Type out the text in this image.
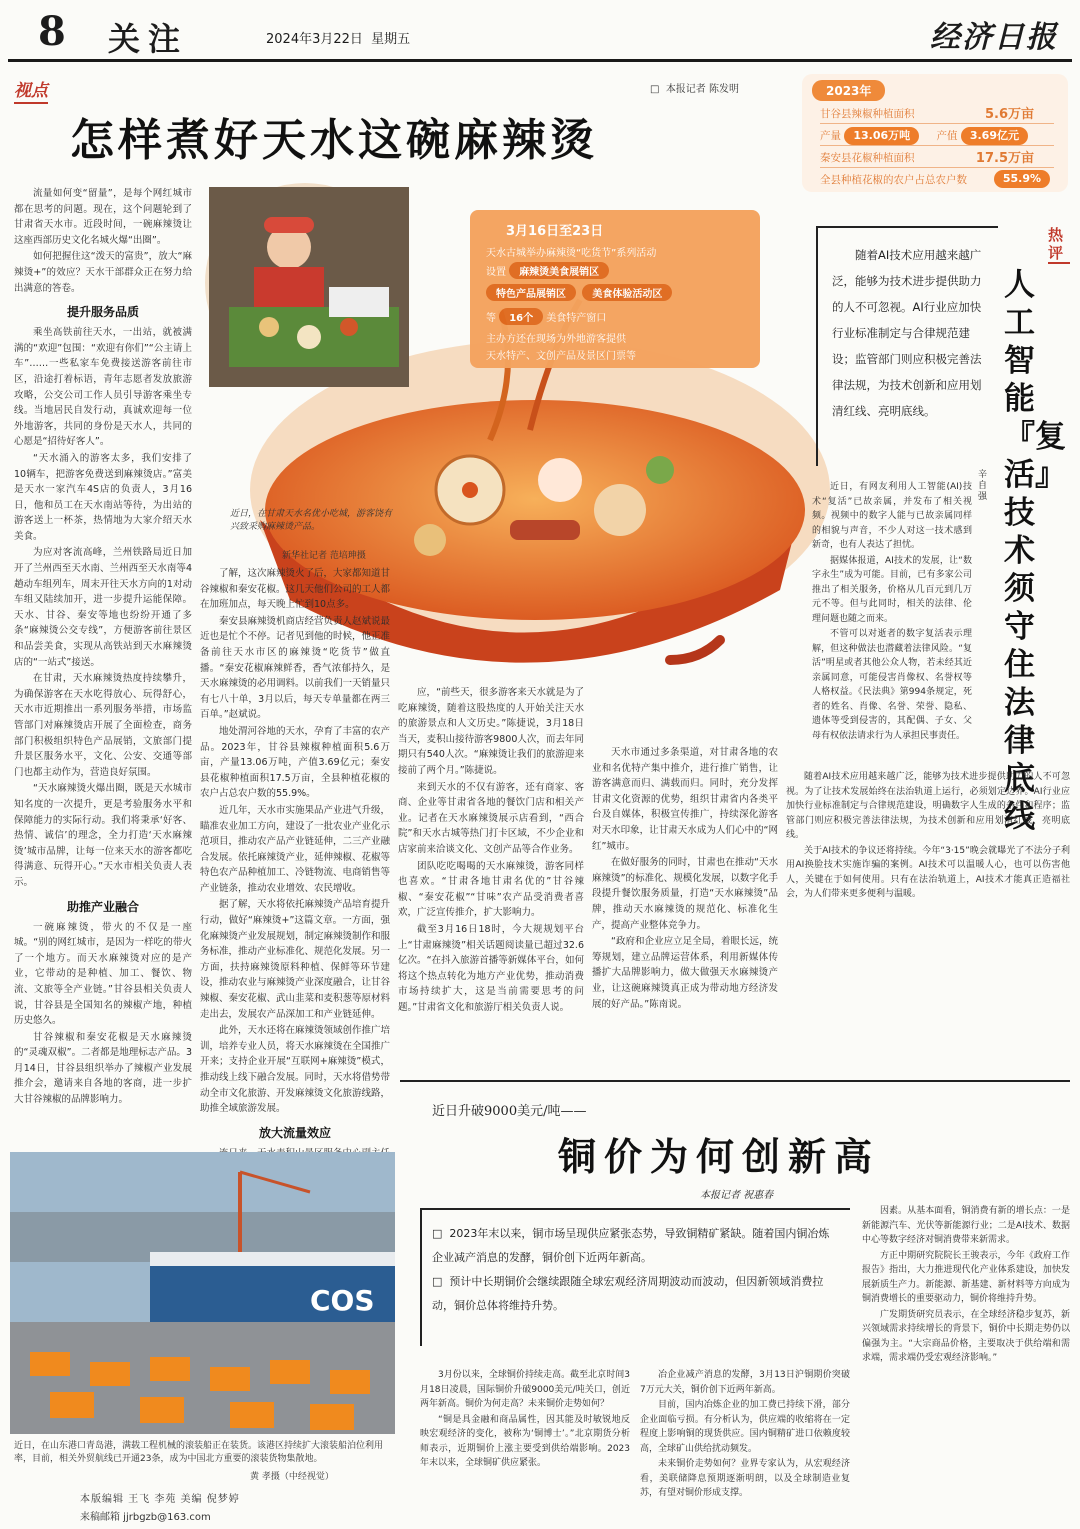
8 关注	2024年3月22日 星期五	经济日报
视点	□  本报记者 陈发明
怎样煮好天水这碗麻辣烫
2023年
甘谷县辣椒种植面积	5.6万亩
产量 13.06万吨	产值 3.69亿元
秦安县花椒种植面积	17.5万亩
全县种植花椒的农户占总农户数	55.9%
3月16日至23日
天水古城举办麻辣烫“吃货节”系列活动
设置 麻辣烫美食展销区
特色产品展销区	美食体验活动区
等 16个 美食特产窗口
主办方还在现场为外地游客提供
天水特产、文创产品及景区门票等
近日，在甘肃天水名优小吃城，游客饶有兴致采购麻辣烫产品。
新华社记者 范培珅摄

流量如何变“留量”，是每个网红城市都在思考的问题。现在，这个问题轮到了甘肃省天水市。近段时间，一碗麻辣烫让这座西部历史文化名城火爆“出圈”。

如何把握住这“泼天的富贵”，放大“麻辣烫+”的效应？天水干部群众正在努力给出满意的答卷。

提升服务品质

乘坐高铁前往天水，一出站，就被满满的“欢迎”包围：“欢迎有你们”“公主请上车”……一些私家车免费接送游客前往市区，沿途打着标语，青年志愿者发放旅游攻略，公交公司工作人员引导游客乘坐专线。当地居民自发行动，真诚欢迎每一位外地游客，共同的身份是天水人，共同的心愿是“招待好客人”。

“天水涌入的游客太多，我们安排了10辆车，把游客免费送到麻辣烫店。”富美是天水一家汽车4S店的负责人，3月16日，他和员工在天水南站等待，为出站的游客送上一杯茶，热情地为大家介绍天水美食。

为应对客流高峰，兰州铁路局近日加开了兰州西至天水南、兰州西至天水南等4趟动车组列车，周末开往天水方向的1对动车组又陆续加开，进一步提升运能保障。天水、甘谷、秦安等地也纷纷开通了多条“麻辣烫公交专线”，方便游客前往景区和品尝美食，实现从高铁站到天水麻辣烫店的“一站式”接送。

在甘肃，天水麻辣烫热度持续攀升，为确保游客在天水吃得放心、玩得舒心，天水市近期推出一系列服务举措，市场监管部门对麻辣烫店开展了全面检查，商务部门积极组织特色产品展销，文旅部门提升景区服务水平，文化、公安、交通等部门也都主动作为，营造良好氛围。

“天水麻辣烫火爆出圈，既是天水城市知名度的一次提升，更是考验服务水平和保障能力的实际行动。我们将秉承‘好客、热情、诚信’的理念，全力打造‘天水麻辣烫’城市品牌，让每一位来天水的游客都吃得满意、玩得开心。”天水市相关负责人表示。

助推产业融合

一碗麻辣烫，带火的不仅是一座城。“别的网红城市，是因为一样吃的带火了一个地方。而天水麻辣烫对应的是产业，它带动的是种植、加工、餐饮、物流、文旅等全产业链。”甘谷县相关负责人说，甘谷县是全国知名的辣椒产地，种植历史悠久。

甘谷辣椒和秦安花椒是天水麻辣烫的“灵魂双椒”。二者都是地理标志产品。3月14日，甘谷县组织举办了辣椒产业发展推介会，邀请来自各地的客商，进一步扩大甘谷辣椒的品牌影响力。

了解，这次麻辣烫火了后，大家都知道甘谷辣椒和秦安花椒。这几天他们公司的工人都在加班加点，每天晚上忙到10点多。

秦安县麻辣烫机商店经营负责人赵斌说最近也是忙个不停。记者见到他的时候，他正准备前往天水市区的麻辣烫“吃货节”做直播。“秦安花椒麻辣鲜香，香气浓郁持久，是天水麻辣烫的必用调料。以前我们一天销量只有七八十单，3月以后，每天专单量都在两三百单。”赵斌说。

地处渭河谷地的天水，孕育了丰富的农产品。2023年，甘谷县辣椒种植面积5.6万亩，产量13.06万吨，产值3.69亿元；秦安县花椒种植面积17.5万亩，全县种植花椒的农户占总农户数的55.9%。

近几年，天水市实施果品产业进气升级，瞄准农业加工方向，建设了一批农业产业化示范项目，推动农产品产业链延伸，二三产业融合发展。依托麻辣烫产业，延伸辣椒、花椒等特色农产品种植加工、冷链物流、电商销售等产业链条，推动农业增效、农民增收。

据了解，天水将依托麻辣烫产品培育提升行动，做好“麻辣烫+”这篇文章。一方面，强化麻辣烫产业发展规划，制定麻辣烫制作和服务标准，推动产业标准化、规范化发展。另一方面，扶持麻辣烫原料种植、保鲜等环节建设，推动农业与麻辣烫产业深度融合，让甘谷辣椒、秦安花椒、武山韭菜和麦积葱等原材料走出去，发展农产品深加工和产业链延伸。

此外，天水还将在麻辣烫领域创作推广培训，培养专业人员，将天水麻辣烫在全国推广开来；支持企业开展“互联网+麻辣烫”模式，推动线上线下融合发展。同时，天水将借势带动全市文化旅游、开发麻辣烫文化旅游线路，助推全域旅游发展。

放大流量效应

应，“前些天，很多游客来天水就是为了吃麻辣烫，随着这股热度的人开始关注天水的旅游景点和人文历史。”陈捷说，3月18日当天，麦积山接待游客9800人次，而去年同期只有540人次。“麻辣烫让我们的旅游迎来接前了两个月。”陈捷说。

来到天水的不仅有游客，还有商家、客商、企业等甘肃省各地的餐饮门店和相关产业。记者在天水麻辣烫展示店看到，“西合院”和天水古城等热门打卡区域，不少企业和店家前来洽谈文化、文创产品等合作业务。

团队吃吃喝喝的天水麻辣烫，游客同样也喜欢。“甘肃各地甘肃名优的”甘谷辣椒、“秦安花椒”“甘味”农产品受消费者喜欢，广泛宣传推介，扩大影响力。

截至3月16日18时，今大规规划平台上“甘肃麻辣烫”相关话题阅读量已超过32.6亿次。“在抖入旅游首播等新媒体平台，如何将这个热点转化为地方产业优势，推动消费市场持续扩大，这是当前需要思考的问题。”甘肃省文化和旅游厅相关负责人说。

天水市通过多条渠道，对甘肃各地的农业和名优特产集中推介，进行推广销售，让游客满意而归、满载而归。同时，充分发挥甘肃文化资源的优势，组织甘肃省内各类平台及自媒体，积极宣传推广，持续深化游客对天水印象，让甘肃天水成为人们心中的“网红”城市。

在做好服务的同时，甘肃也在推动“天水麻辣烫”的标准化、规模化发展，以数字化手段提升餐饮服务质量，打造“天水麻辣烫”品牌，推动天水麻辣烫的规范化、标准化生产，提高产业整体竞争力。

“政府和企业应立足全局，着眼长远，统筹规划，建立品牌运营体系，利用新媒体传播扩大品牌影响力，做大做强天水麻辣烫产业，让这碗麻辣烫真正成为带动地方经济发展的好产品。”陈南说。

随着AI技术应用越来越广泛，能够为技术进步提供助力的人不可忽视。AI行业应加快行业标准制定与合律规范建设；监管部门则应积极完善法律法规，为技术创新和应用划清红线、亮明底线。
热评
人工智能『复活』技术须守住法律底线
辛自强

近日，有网友利用人工智能(AI)技术“复活”已故亲属，并发布了相关视频。视频中的数字人能与已故亲属同样的相貌与声音，不少人对这一技术感到新奇，也有人表达了担忧。

据媒体报道，AI技术的发展，让“数字永生”成为可能。目前，已有多家公司推出了相关服务，价格从几百元到几万元不等。但与此同时，相关的法律、伦理问题也随之而来。

不管可以对逝者的数字复活表示理解，但这种做法也潜藏着法律风险。“复活”明星或者其他公众人物，若未经其近亲属同意，可能侵害肖像权、名誉权等人格权益。《民法典》第994条规定，死者的姓名、肖像、名誉、荣誉、隐私、遗体等受到侵害的，其配偶、子女、父母有权依法请求行为人承担民事责任。

随着AI技术应用越来越广泛，能够为技术进步提供助力的人不可忽视。为了让技术发展始终在法治轨道上运行，必须划定边界。AI行业应加快行业标准制定与合律规范建设，明确数字人生成的条件和程序；监管部门则应积极完善法律法规，为技术创新和应用划清红线、亮明底线。

关于AI技术的争议还将持续。今年“3·15”晚会就曝光了不法分子利用AI换脸技术实施诈骗的案例。AI技术可以温暖人心，也可以伤害他人，关键在于如何使用。只有在法治轨道上，AI技术才能真正造福社会，为人们带来更多便利与温暖。

COS
近日，在山东港口青岛港，满载工程机械的滚装船正在装货。该港区持续扩大滚装船泊位利用率，目前，相关外贸航线已开通23条，成为中国北方重要的滚装货物集散地。
黄 孝摄（中经视觉）
近日升破9000美元/吨——
铜价为何创新高
本报记者 祝惠春
□  2023年末以来，铜市场呈现供应紧张态势，导致铜精矿紧缺。随着国内铜冶炼企业减产消息的发酵，铜价创下近两年新高。
□  预计中长期铜价会继续跟随全球宏观经济周期波动而波动，但因新领域消费拉动，铜价总体将维持升势。

3月份以来，全球铜价持续走高。截至北京时间3月18日凌晨，国际铜价升破9000美元/吨关口，创近两年新高。铜价为何走高？未来铜价走势如何？

“铜是具金融和商品属性，因其能及时敏锐地反映宏观经济的变化，被称为‘铜博士’。”北京期货分析师表示，近期铜价上涨主要受到供给端影响。2023年末以来，全球铜矿供应紧张。

冶企业减产消息的发酵，3月13日沪铜期价突破7万元大关，铜价创下近两年新高。

目前，国内冶炼企业的加工费已持续下滑，部分企业面临亏损。有分析认为，供应端的收缩将在一定程度上影响铜的现货供应。国内铜精矿进口依赖度较高，全球矿山供给扰动频发。

未来铜价走势如何？业界专家认为，从宏观经济看，美联储降息预期逐渐明朗，以及全球制造业复苏，有望对铜价形成支撑。

因素。从基本面看，铜消费有新的增长点：一是新能源汽车、光伏等新能源行业；二是AI技术、数据中心等数字经济对铜消费带来新需求。

方正中期研究院院长王骏表示，今年《政府工作报告》指出，大力推进现代化产业体系建设，加快发展新质生产力。新能源、新基建、新材料等方向成为铜消费增长的重要驱动力，铜价将维持升势。

广发期货研究员表示，在全球经济稳步复苏，新兴领域需求持续增长的背景下，铜价中长期走势仍以偏强为主。“大宗商品价格，主要取决于供给端和需求端，需求端仍受宏观经济影响。”

本版编辑 王飞 李苑 美编 倪梦婷
来稿邮箱 jjrbgzb@163.com
